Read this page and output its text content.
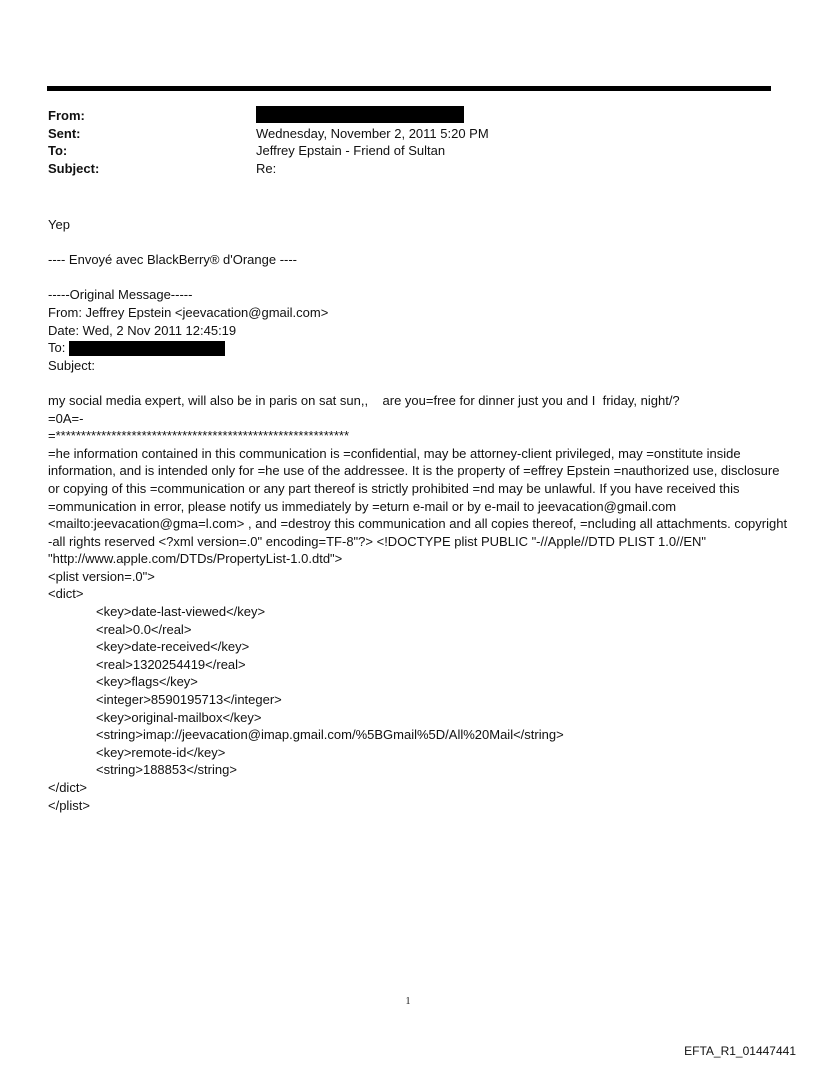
From:
Sent:	Wednesday, November 2, 2011 5:20 PM
To:	Jeffrey Epstain - Friend of Sultan
Subject:	Re:
Yep
---- Envoyé avec BlackBerry® d'Orange ----
-----Original Message-----
From: Jeffrey Epstein <jeevacation@gmail.com>
Date: Wed, 2 Nov 2011 12:45:19
To:
Subject:
my social media expert, will also be in paris on sat sun,,    are you=free for dinner just you and I  friday, night/?
=0A=-
=**********************************************************
=he information contained in this communication is =confidential, may be attorney-client privileged, may =onstitute inside information, and is intended only for =he use of the addressee. It is the property of =effrey Epstein =nauthorized use, disclosure or copying of this =communication or any part thereof is strictly prohibited =nd may be unlawful. If you have received this =ommunication in error, please notify us immediately by =eturn e-mail or by e-mail to jeevacation@gmail.com <mailto:jeevacation@gma=l.com> , and =destroy this communication and all copies thereof, =ncluding all attachments. copyright -all rights reserved <?xml version=.0" encoding=TF-8"?> <!DOCTYPE plist PUBLIC "-//Apple//DTD PLIST 1.0//EN" "http://www.apple.com/DTDs/PropertyList-1.0.dtd">
<plist version=.0">
<dict>
<key>date-last-viewed</key>
<real>0.0</real>
<key>date-received</key>
<real>1320254419</real>
<key>flags</key>
<integer>8590195713</integer>
<key>original-mailbox</key>
<string>imap://jeevacation@imap.gmail.com/%5BGmail%5D/All%20Mail</string>
<key>remote-id</key>
<string>188853</string>
</dict>
</plist>
1
EFTA_R1_01447441
